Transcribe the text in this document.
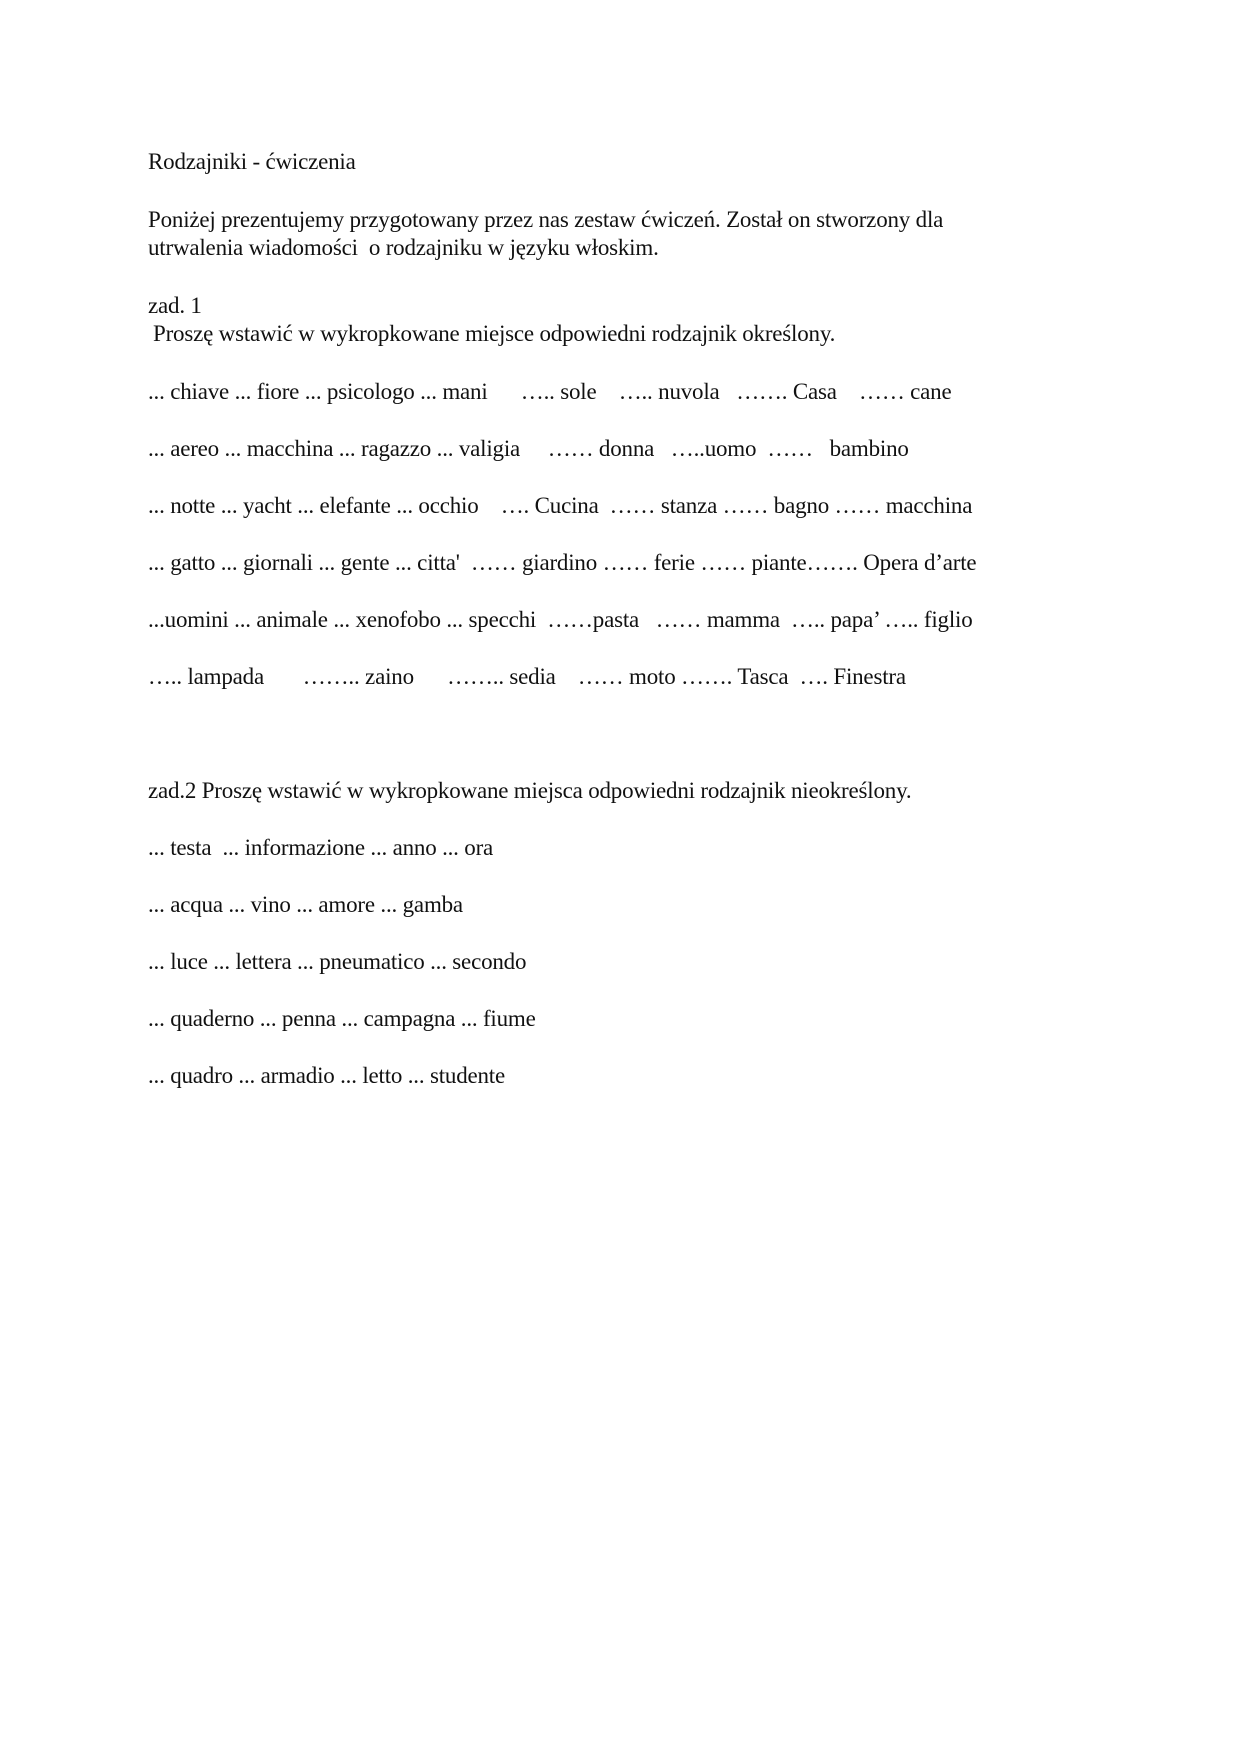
Rodzajniki - ćwiczenia
Poniżej prezentujemy przygotowany przez nas zestaw ćwiczeń. Został on stworzony dla
utrwalenia wiadomości  o rodzajniku w języku włoskim.
zad. 1
Proszę wstawić w wykropkowane miejsce odpowiedni rodzajnik określony.
... chiave ... fiore ... psicologo ... mani      ….. sole    ….. nuvola   ……. Casa    …… cane
... aereo ... macchina ... ragazzo ... valigia     …… donna   …..uomo  ……   bambino
... notte ... yacht ... elefante ... occhio    …. Cucina  …… stanza …… bagno …… macchina
... gatto ... giornali ... gente ... citta'  …… giardino …… ferie …… piante……. Opera d’arte
...uomini ... animale ... xenofobo ... specchi  ……pasta   …… mamma  ….. papa’ ….. figlio
….. lampada       …….. zaino      …….. sedia    …… moto ……. Tasca  …. Finestra
zad.2 Proszę wstawić w wykropkowane miejsca odpowiedni rodzajnik nieokreślony.
... testa  ... informazione ... anno ... ora
... acqua ... vino ... amore ... gamba
... luce ... lettera ... pneumatico ... secondo
... quaderno ... penna ... campagna ... fiume
... quadro ... armadio ... letto ... studente
